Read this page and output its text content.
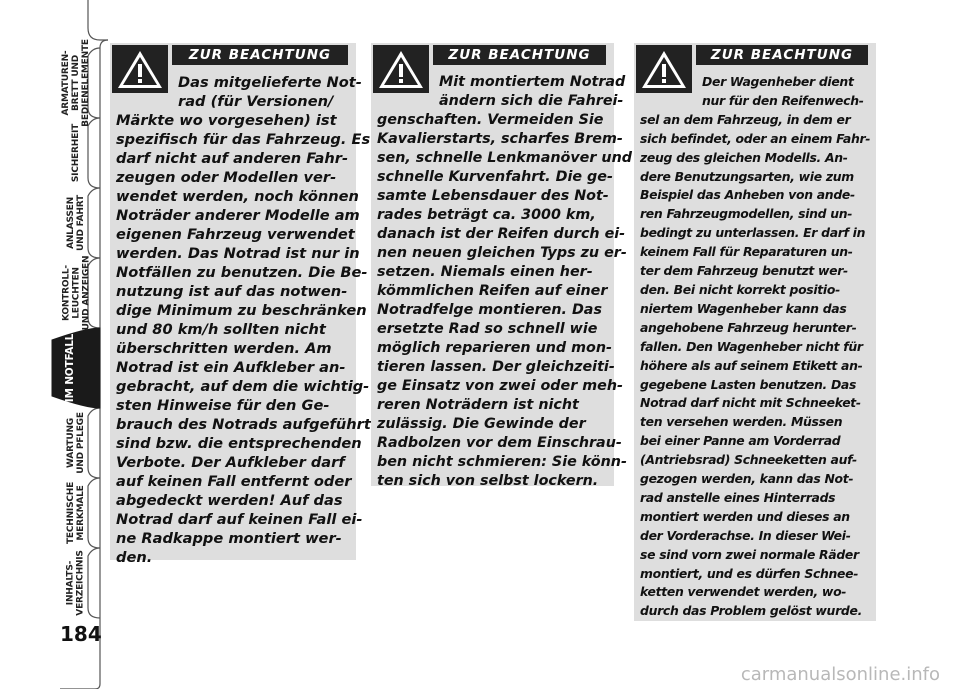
ARMATUREN-
BRETT UND
BEDIENELEMENTE
SICHERHEIT
ANLASSEN
UND FAHRT
KONTROLL-
LEUCHTEN
UND ANZEIGEN
IM NOTFALL
WARTUNG
UND PFLEGE
TECHNISCHE
MERKMALE
INHALTS-
VERZEICHNIS
184
ZUR BEACHTUNG

Das mitgelieferte Not-
rad (für Versionen/
Märkte wo vorgesehen) ist
spezifisch für das Fahrzeug. Es
darf nicht auf anderen Fahr-
zeugen oder Modellen ver-
wendet werden, noch können
Noträder anderer Modelle am
eigenen Fahrzeug verwendet
werden. Das Notrad ist nur in
Notfällen zu benutzen. Die Be-
nutzung ist auf das notwen-
dige Minimum zu beschränken
und 80 km/h sollten nicht
überschritten werden. Am
Notrad ist ein Aufkleber an-
gebracht, auf dem die wichtig-
sten Hinweise für den Ge-
brauch des Notrads aufgeführt
sind bzw. die entsprechenden
Verbote. Der Aufkleber darf
auf keinen Fall entfernt oder
abgedeckt werden! Auf das
Notrad darf auf keinen Fall ei-
ne Radkappe montiert wer-
den.

ZUR BEACHTUNG

Mit montiertem Notrad
ändern sich die Fahrei-
genschaften. Vermeiden Sie
Kavalierstarts, scharfes Brem-
sen, schnelle Lenkmanöver und
schnelle Kurvenfahrt. Die ge-
samte Lebensdauer des Not-
rades beträgt ca. 3000 km,
danach ist der Reifen durch ei-
nen neuen gleichen Typs zu er-
setzen. Niemals einen her-
kömmlichen Reifen auf einer
Notradfelge montieren. Das
ersetzte Rad so schnell wie
möglich reparieren und mon-
tieren lassen. Der gleichzeiti-
ge Einsatz von zwei oder meh-
reren Noträdern ist nicht
zulässig. Die Gewinde der
Radbolzen vor dem Einschrau-
ben nicht schmieren: Sie könn-
ten sich von selbst lockern.

ZUR BEACHTUNG

Der Wagenheber dient
nur für den Reifenwech-
sel an dem Fahrzeug, in dem er
sich befindet, oder an einem Fahr-
zeug des gleichen Modells. An-
dere Benutzungsarten, wie zum
Beispiel das Anheben von ande-
ren Fahrzeugmodellen, sind un-
bedingt zu unterlassen. Er darf in
keinem Fall für Reparaturen un-
ter dem Fahrzeug benutzt wer-
den. Bei nicht korrekt positio-
niertem Wagenheber kann das
angehobene Fahrzeug herunter-
fallen. Den Wagenheber nicht für
höhere als auf seinem Etikett an-
gegebene Lasten benutzen. Das
Notrad darf nicht mit Schneeket-
ten versehen werden. Müssen
bei einer Panne am Vorderrad
(Antriebsrad) Schneeketten auf-
gezogen werden, kann das Not-
rad anstelle eines Hinterrads
montiert werden und dieses an
der Vorderachse. In dieser Wei-
se sind vorn zwei normale Räder
montiert, und es dürfen Schnee-
ketten verwendet werden, wo-
durch das Problem gelöst wurde.

carmanualsonline.info
